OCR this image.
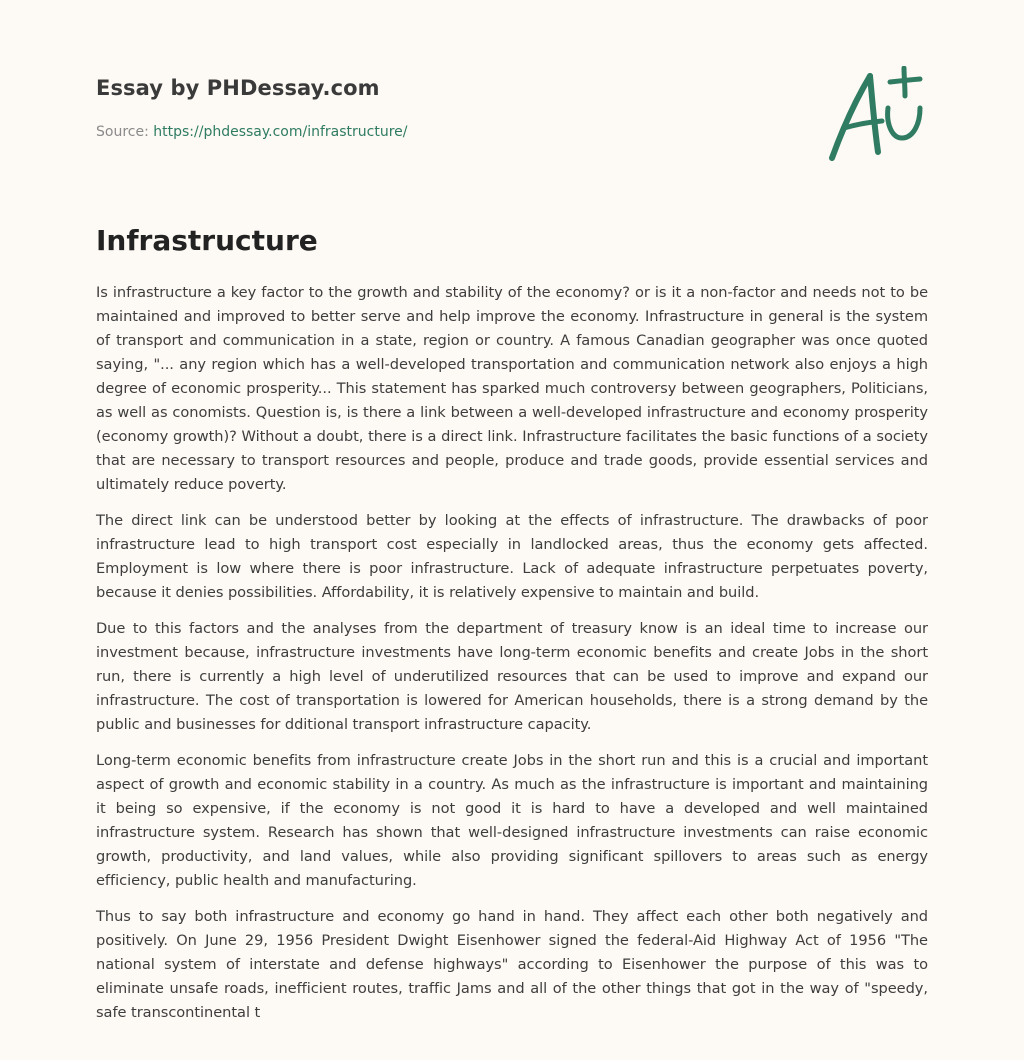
Essay by PHDessay.com
Source: https://phdessay.com/infrastructure/
Infrastructure

Is infrastructure a key factor to the growth and stability of the economy? or is it a non-factor and needs not to be maintained and improved to better serve and help improve the economy. Infrastructure in general is the system of transport and communication in a state, region or country. A famous Canadian geographer was once quoted saying, "... any region which has a well-developed transportation and communication network also enjoys a high degree of economic prosperity... This statement has sparked much controversy between geographers, Politicians, as well as conomists. Question is, is there a link between a well-developed infrastructure and economy prosperity (economy growth)? Without a doubt, there is a direct link. Infrastructure facilitates the basic functions of a society that are necessary to transport resources and people, produce and trade goods, provide essential services and ultimately reduce poverty.

The direct link can be understood better by looking at the effects of infrastructure. The drawbacks of poor infrastructure lead to high transport cost especially in landlocked areas, thus the economy gets affected. Employment is low where there is poor infrastructure. Lack of adequate infrastructure perpetuates poverty, because it denies possibilities. Affordability, it is relatively expensive to maintain and build.

Due to this factors and the analyses from the department of treasury know is an ideal time to increase our investment because, infrastructure investments have long-term economic benefits and create Jobs in the short run, there is currently a high level of underutilized resources that can be used to improve and expand our infrastructure. The cost of transportation is lowered for American households, there is a strong demand by the public and businesses for dditional transport infrastructure capacity.

Long-term economic benefits from infrastructure create Jobs in the short run and this is a crucial and important aspect of growth and economic stability in a country. As much as the infrastructure is important and maintaining it being so expensive, if the economy is not good it is hard to have a developed and well maintained infrastructure system. Research has shown that well-designed infrastructure investments can raise economic growth, productivity, and land values, while also providing significant spillovers to areas such as energy efficiency, public health and manufacturing.

Thus to say both infrastructure and economy go hand in hand. They affect each other both negatively and positively. On June 29, 1956 President Dwight Eisenhower signed the federal-Aid Highway Act of 1956 "The national system of interstate and defense highways" according to Eisenhower the purpose of this was to eliminate unsafe roads, inefficient routes, traffic Jams and all of the other things that got in the way of "speedy, safe transcontinental t
